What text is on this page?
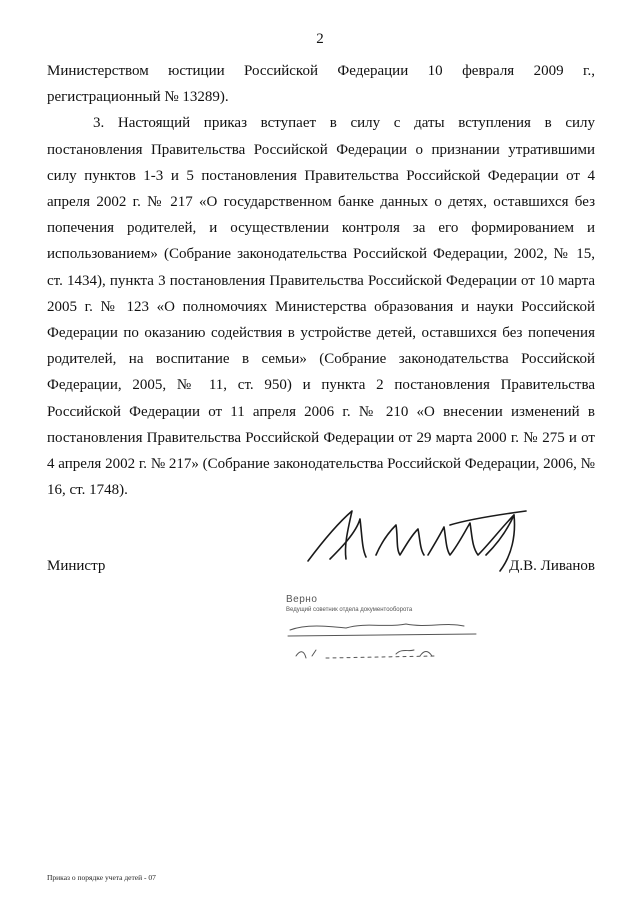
2

Министерством юстиции Российской Федерации 10 февраля 2009 г., регистрационный № 13289).

3. Настоящий приказ вступает в силу с даты вступления в силу постановления Правительства Российской Федерации о признании утратившими силу пунктов 1-3 и 5 постановления Правительства Российской Федерации от 4 апреля 2002 г. № 217 «О государственном банке данных о детях, оставшихся без попечения родителей, и осуществлении контроля за его формированием и использованием» (Собрание законодательства Российской Федерации, 2002, № 15, ст. 1434), пункта 3 постановления Правительства Российской Федерации от 10 марта 2005 г. № 123 «О полномочиях Министерства образования и науки Российской Федерации по оказанию содействия в устройстве детей, оставшихся без попечения родителей, на воспитание в семьи» (Собрание законодательства Российской Федерации, 2005, № 11, ст. 950) и пункта 2 постановления Правительства Российской Федерации от 11 апреля 2006 г. № 210 «О внесении изменений в постановления Правительства Российской Федерации от 29 марта 2000 г. № 275 и от 4 апреля 2002 г. № 217» (Собрание законодательства Российской Федерации, 2006, № 16, ст. 1748).

Министр	Д.В. Ливанов
Верно
Ведущий советник отдела документооборота
Приказ о порядке учета детей - 07
